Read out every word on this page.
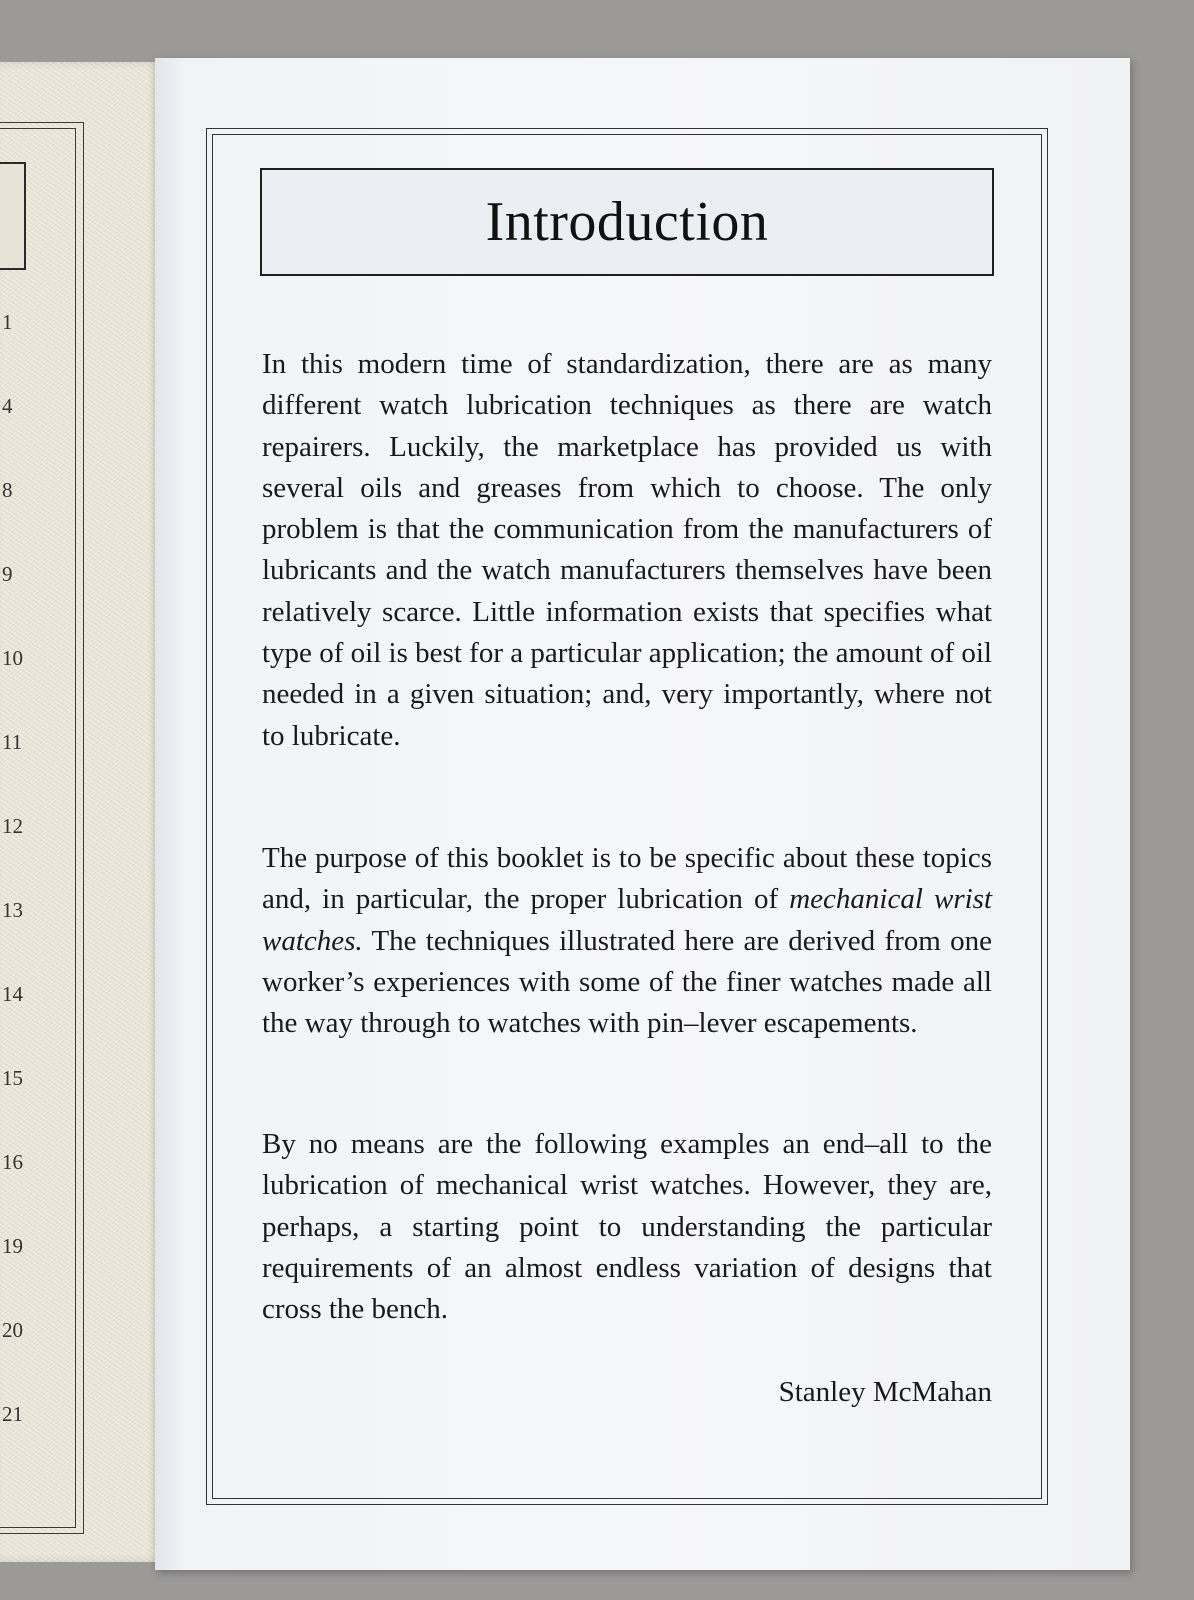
1
4
8
9
10
11
12
13
14
15
16
19
20
21
Introduction

In this modern time of standardization, there are as many different watch lubrication techniques as there are watch repairers. Luckily, the marketplace has provided us with several oils and greases from which to choose. The only problem is that the communication from the manufacturers of lubricants and the watch manufacturers themselves have been relatively scarce. Little information exists that specifies what type of oil is best for a particular application; the amount of oil needed in a given situation; and, very importantly, where not to lubricate.

The purpose of this booklet is to be specific about these topics and, in particular, the proper lubrication of mechanical wrist watches. The techniques illustrated here are derived from one worker’s experiences with some of the finer watches made all the way through to watches with pin–lever escapements.

By no means are the following examples an end–all to the lubrication of mechanical wrist watches. However, they are, perhaps, a starting point to understanding the particular requirements of an almost endless variation of designs that cross the bench.

Stanley McMahan
